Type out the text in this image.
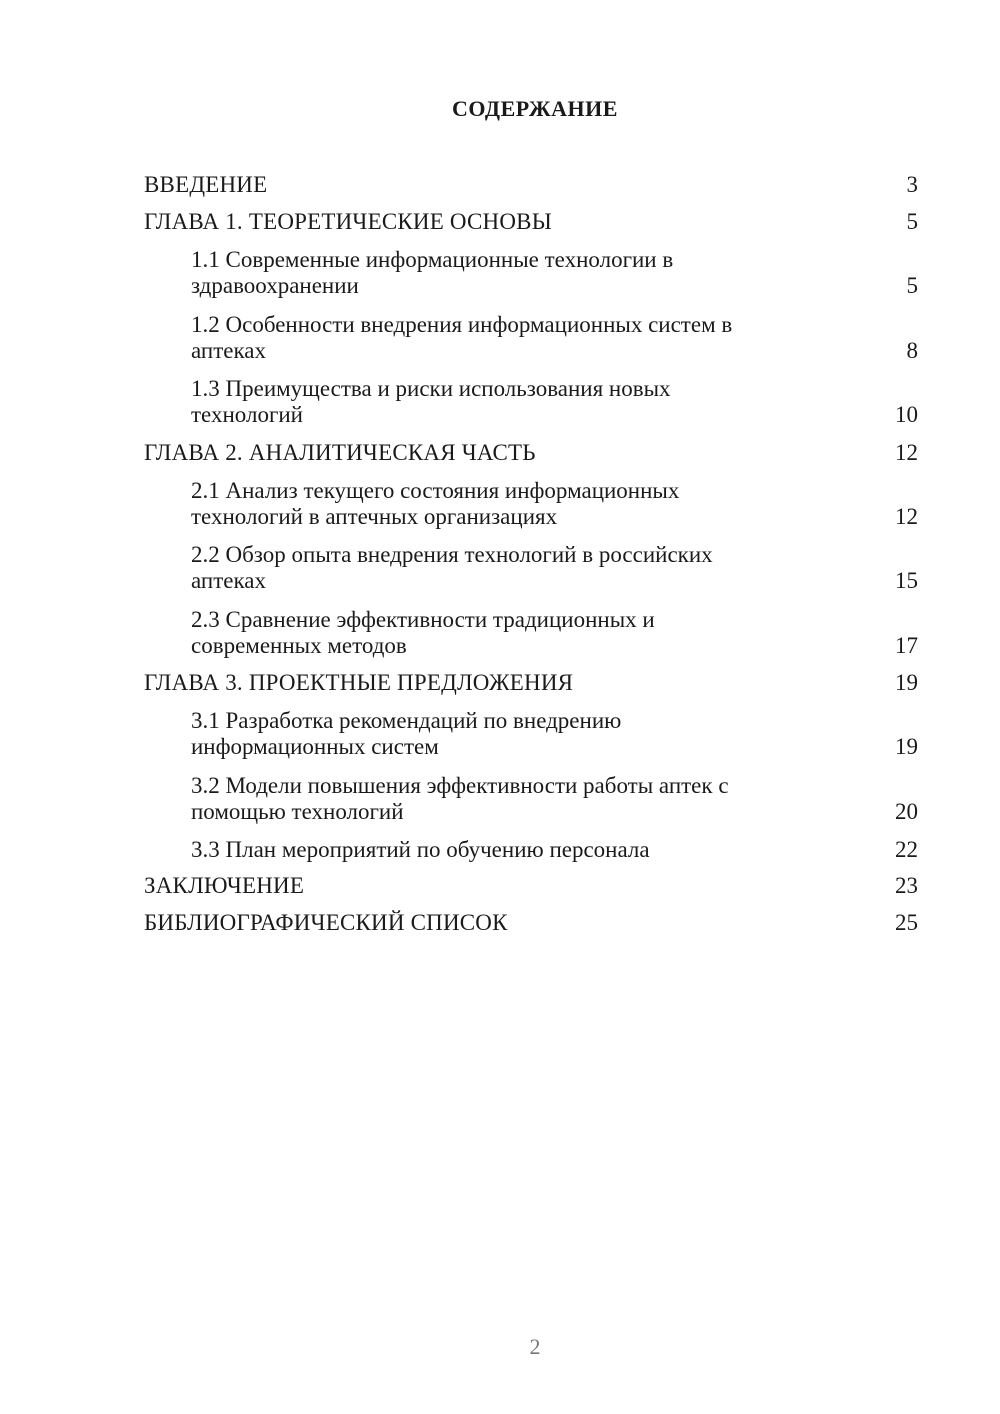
СОДЕРЖАНИЕ
ВВЕДЕНИЕ	3
ГЛАВА 1. ТЕОРЕТИЧЕСКИЕ ОСНОВЫ	5
1.1 Современные информационные технологии в
здравоохранении	5
1.2 Особенности внедрения информационных систем в
аптеках	8
1.3 Преимущества и риски использования новых
технологий	10
ГЛАВА 2. АНАЛИТИЧЕСКАЯ ЧАСТЬ	12
2.1 Анализ текущего состояния информационных
технологий в аптечных организациях	12
2.2 Обзор опыта внедрения технологий в российских
аптеках	15
2.3 Сравнение эффективности традиционных и
современных методов	17
ГЛАВА 3. ПРОЕКТНЫЕ ПРЕДЛОЖЕНИЯ	19
3.1 Разработка рекомендаций по внедрению
информационных систем	19
3.2 Модели повышения эффективности работы аптек с
помощью технологий	20
3.3 План мероприятий по обучению персонала	22
ЗАКЛЮЧЕНИЕ	23
БИБЛИОГРАФИЧЕСКИЙ СПИСОК	25
2
